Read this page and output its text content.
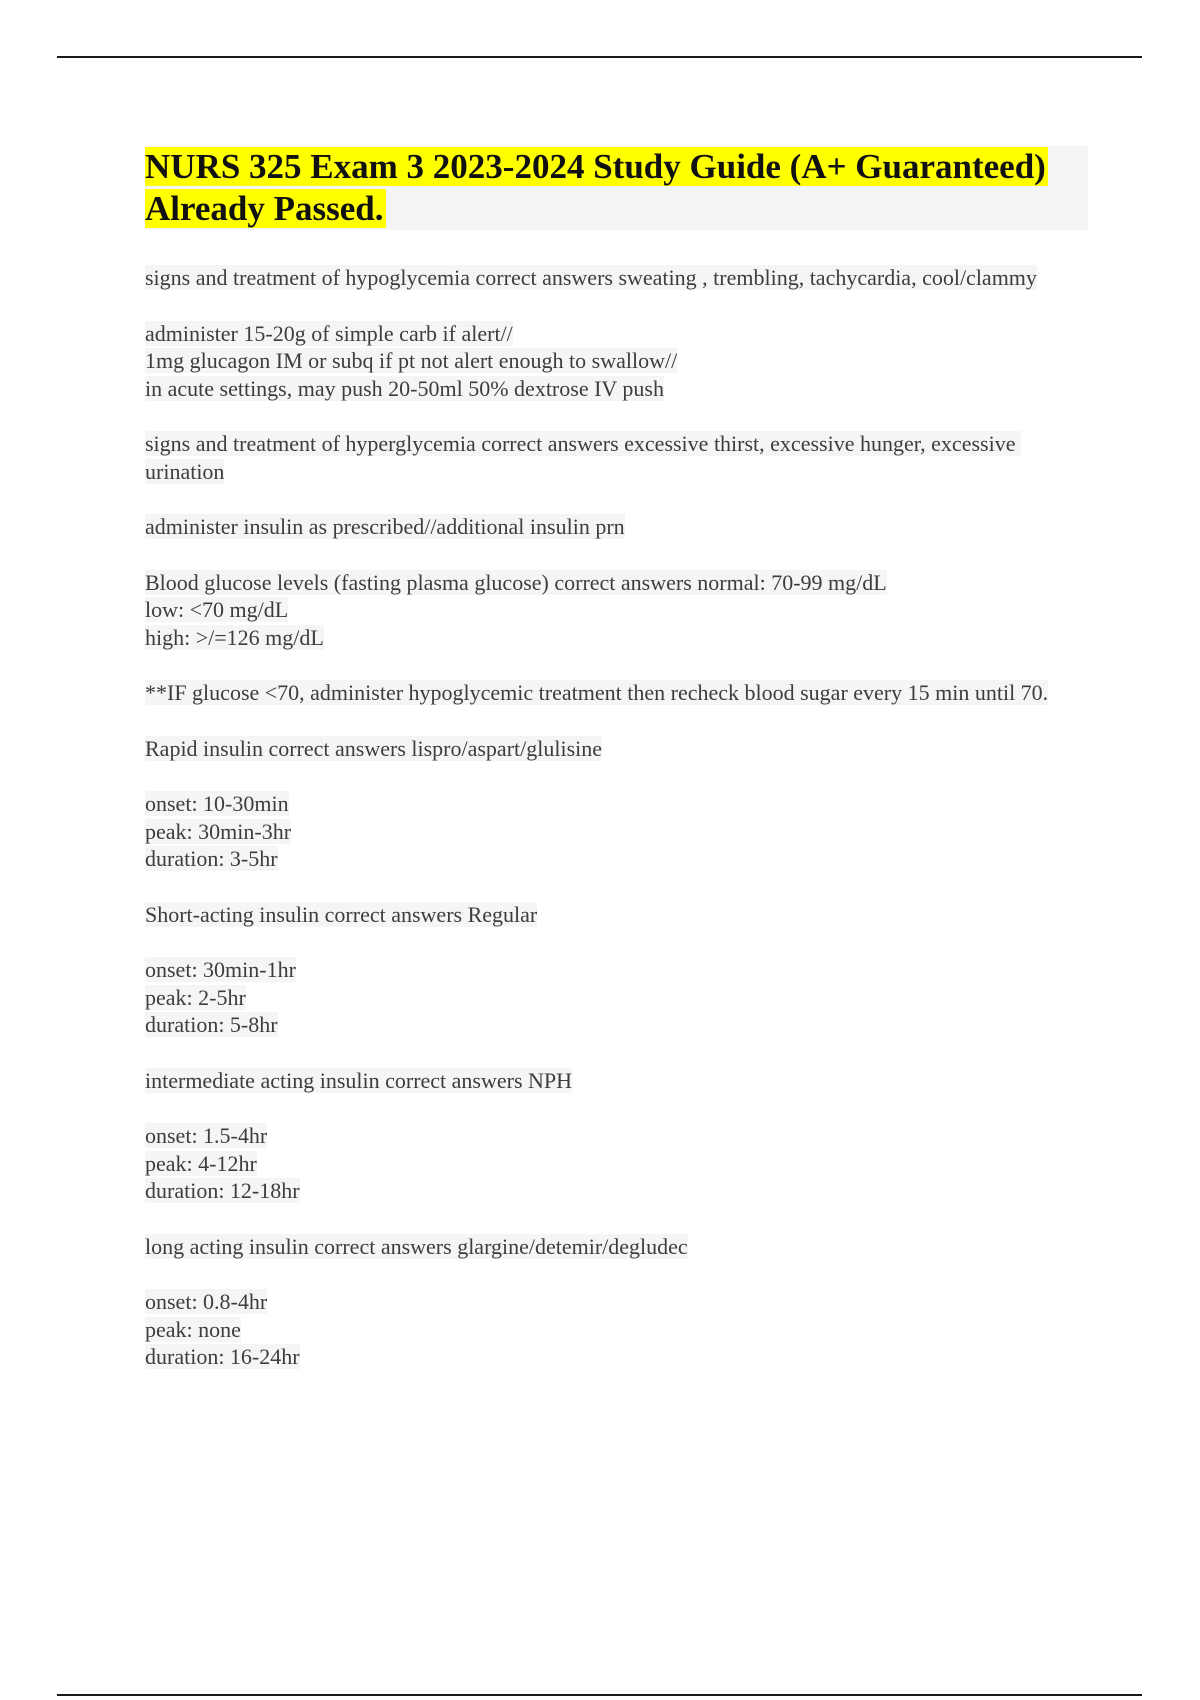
NURS 325 Exam 3 2023-2024 Study Guide (A+ Guaranteed) Already Passed.

signs and treatment of hypoglycemia correct answers sweating , trembling, tachycardia, cool/clammy

administer 15-20g of simple carb if alert//

1mg glucagon IM or subq if pt not alert enough to swallow//

in acute settings, may push 20-50ml 50% dextrose IV push

signs and treatment of hyperglycemia correct answers excessive thirst, excessive hunger, excessive urination

administer insulin as prescribed//additional insulin prn

Blood glucose levels (fasting plasma glucose) correct answers normal: 70-99 mg/dL

low: <70 mg/dL

high: >/=126 mg/dL

**IF glucose <70, administer hypoglycemic treatment then recheck blood sugar every 15 min until 70.

Rapid insulin correct answers lispro/aspart/glulisine

onset: 10-30min

peak: 30min-3hr

duration: 3-5hr

Short-acting insulin correct answers Regular

onset: 30min-1hr

peak: 2-5hr

duration: 5-8hr

intermediate acting insulin correct answers NPH

onset: 1.5-4hr

peak: 4-12hr

duration: 12-18hr

long acting insulin correct answers glargine/detemir/degludec

onset: 0.8-4hr

peak: none

duration: 16-24hr
